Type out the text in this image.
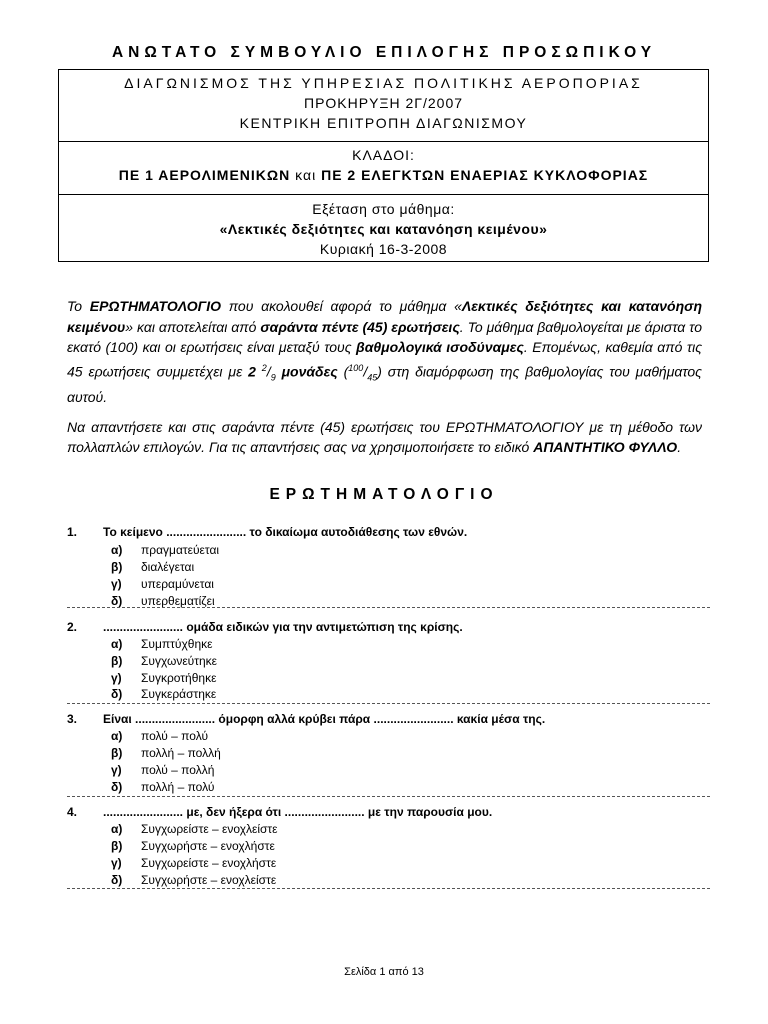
ΑΝΩΤΑΤΟ ΣΥΜΒΟΥΛΙΟ ΕΠΙΛΟΓΗΣ ΠΡΟΣΩΠΙΚΟΥ
ΔΙΑΓΩΝΙΣΜΟΣ ΤΗΣ ΥΠΗΡΕΣΙΑΣ ΠΟΛΙΤΙΚΗΣ ΑΕΡΟΠΟΡΙΑΣ
ΠΡΟΚΗΡΥΞΗ 2Γ/2007
ΚΕΝΤΡΙΚΗ ΕΠΙΤΡΟΠΗ ΔΙΑΓΩΝΙΣΜΟΥ
ΚΛΑΔΟΙ:
ΠΕ 1 ΑΕΡΟΛΙΜΕΝΙΚΩΝ και ΠΕ 2 ΕΛΕΓΚΤΩΝ ΕΝΑΕΡΙΑΣ ΚΥΚΛΟΦΟΡΙΑΣ
Εξέταση στο μάθημα:
«Λεκτικές δεξιότητες και κατανόηση κειμένου»
Κυριακή 16-3-2008

Το ΕΡΩΤΗΜΑΤΟΛΟΓΙΟ που ακολουθεί αφορά το μάθημα «Λεκτικές δεξιότητες και κατανόηση κειμένου» και αποτελείται από σαράντα πέντε (45) ερωτήσεις. Το μάθημα βαθμολογείται με άριστα το εκατό (100) και οι ερωτήσεις είναι μεταξύ τους βαθμολογικά ισοδύναμες. Επομένως, καθεμία από τις 45 ερωτήσεις συμμετέχει με 2 $^2/_9$ μονάδες $(^{100}/_{45})$ στη διαμόρφωση της βαθμολογίας του μαθήματος αυτού.

Να απαντήσετε και στις σαράντα πέντε (45) ερωτήσεις του ΕΡΩΤΗΜΑΤΟΛΟΓΙΟΥ με τη μέθοδο των πολλαπλών επιλογών. Για τις απαντήσεις σας να χρησιμοποιήσετε το ειδικό ΑΠΑΝΤΗΤΙΚΟ ΦΥΛΛΟ.

ΕΡΩΤΗΜΑΤΟΛΟΓΙΟ
1. Το κείμενο ........................ το δικαίωμα αυτοδιάθεσης των εθνών.
α) πραγματεύεται
β) διαλέγεται
γ) υπεραμύνεται
δ) υπερθεματίζει
2. ........................ ομάδα ειδικών για την αντιμετώπιση της κρίσης.
α) Συμπτύχθηκε
β) Συγχωνεύτηκε
γ) Συγκροτήθηκε
δ) Συγκεράστηκε
3. Είναι ........................ όμορφη αλλά κρύβει πάρα ........................ κακία μέσα της.
α) πολύ – πολύ
β) πολλή – πολλή
γ) πολύ – πολλή
δ) πολλή – πολύ
4. ........................ με, δεν ήξερα ότι ........................ με την παρουσία μου.
α) Συγχωρείστε – ενοχλείστε
β) Συγχωρήστε – ενοχλήστε
γ) Συγχωρείστε – ενοχλήστε
δ) Συγχωρήστε – ενοχλείστε
Σελίδα 1 από 13
